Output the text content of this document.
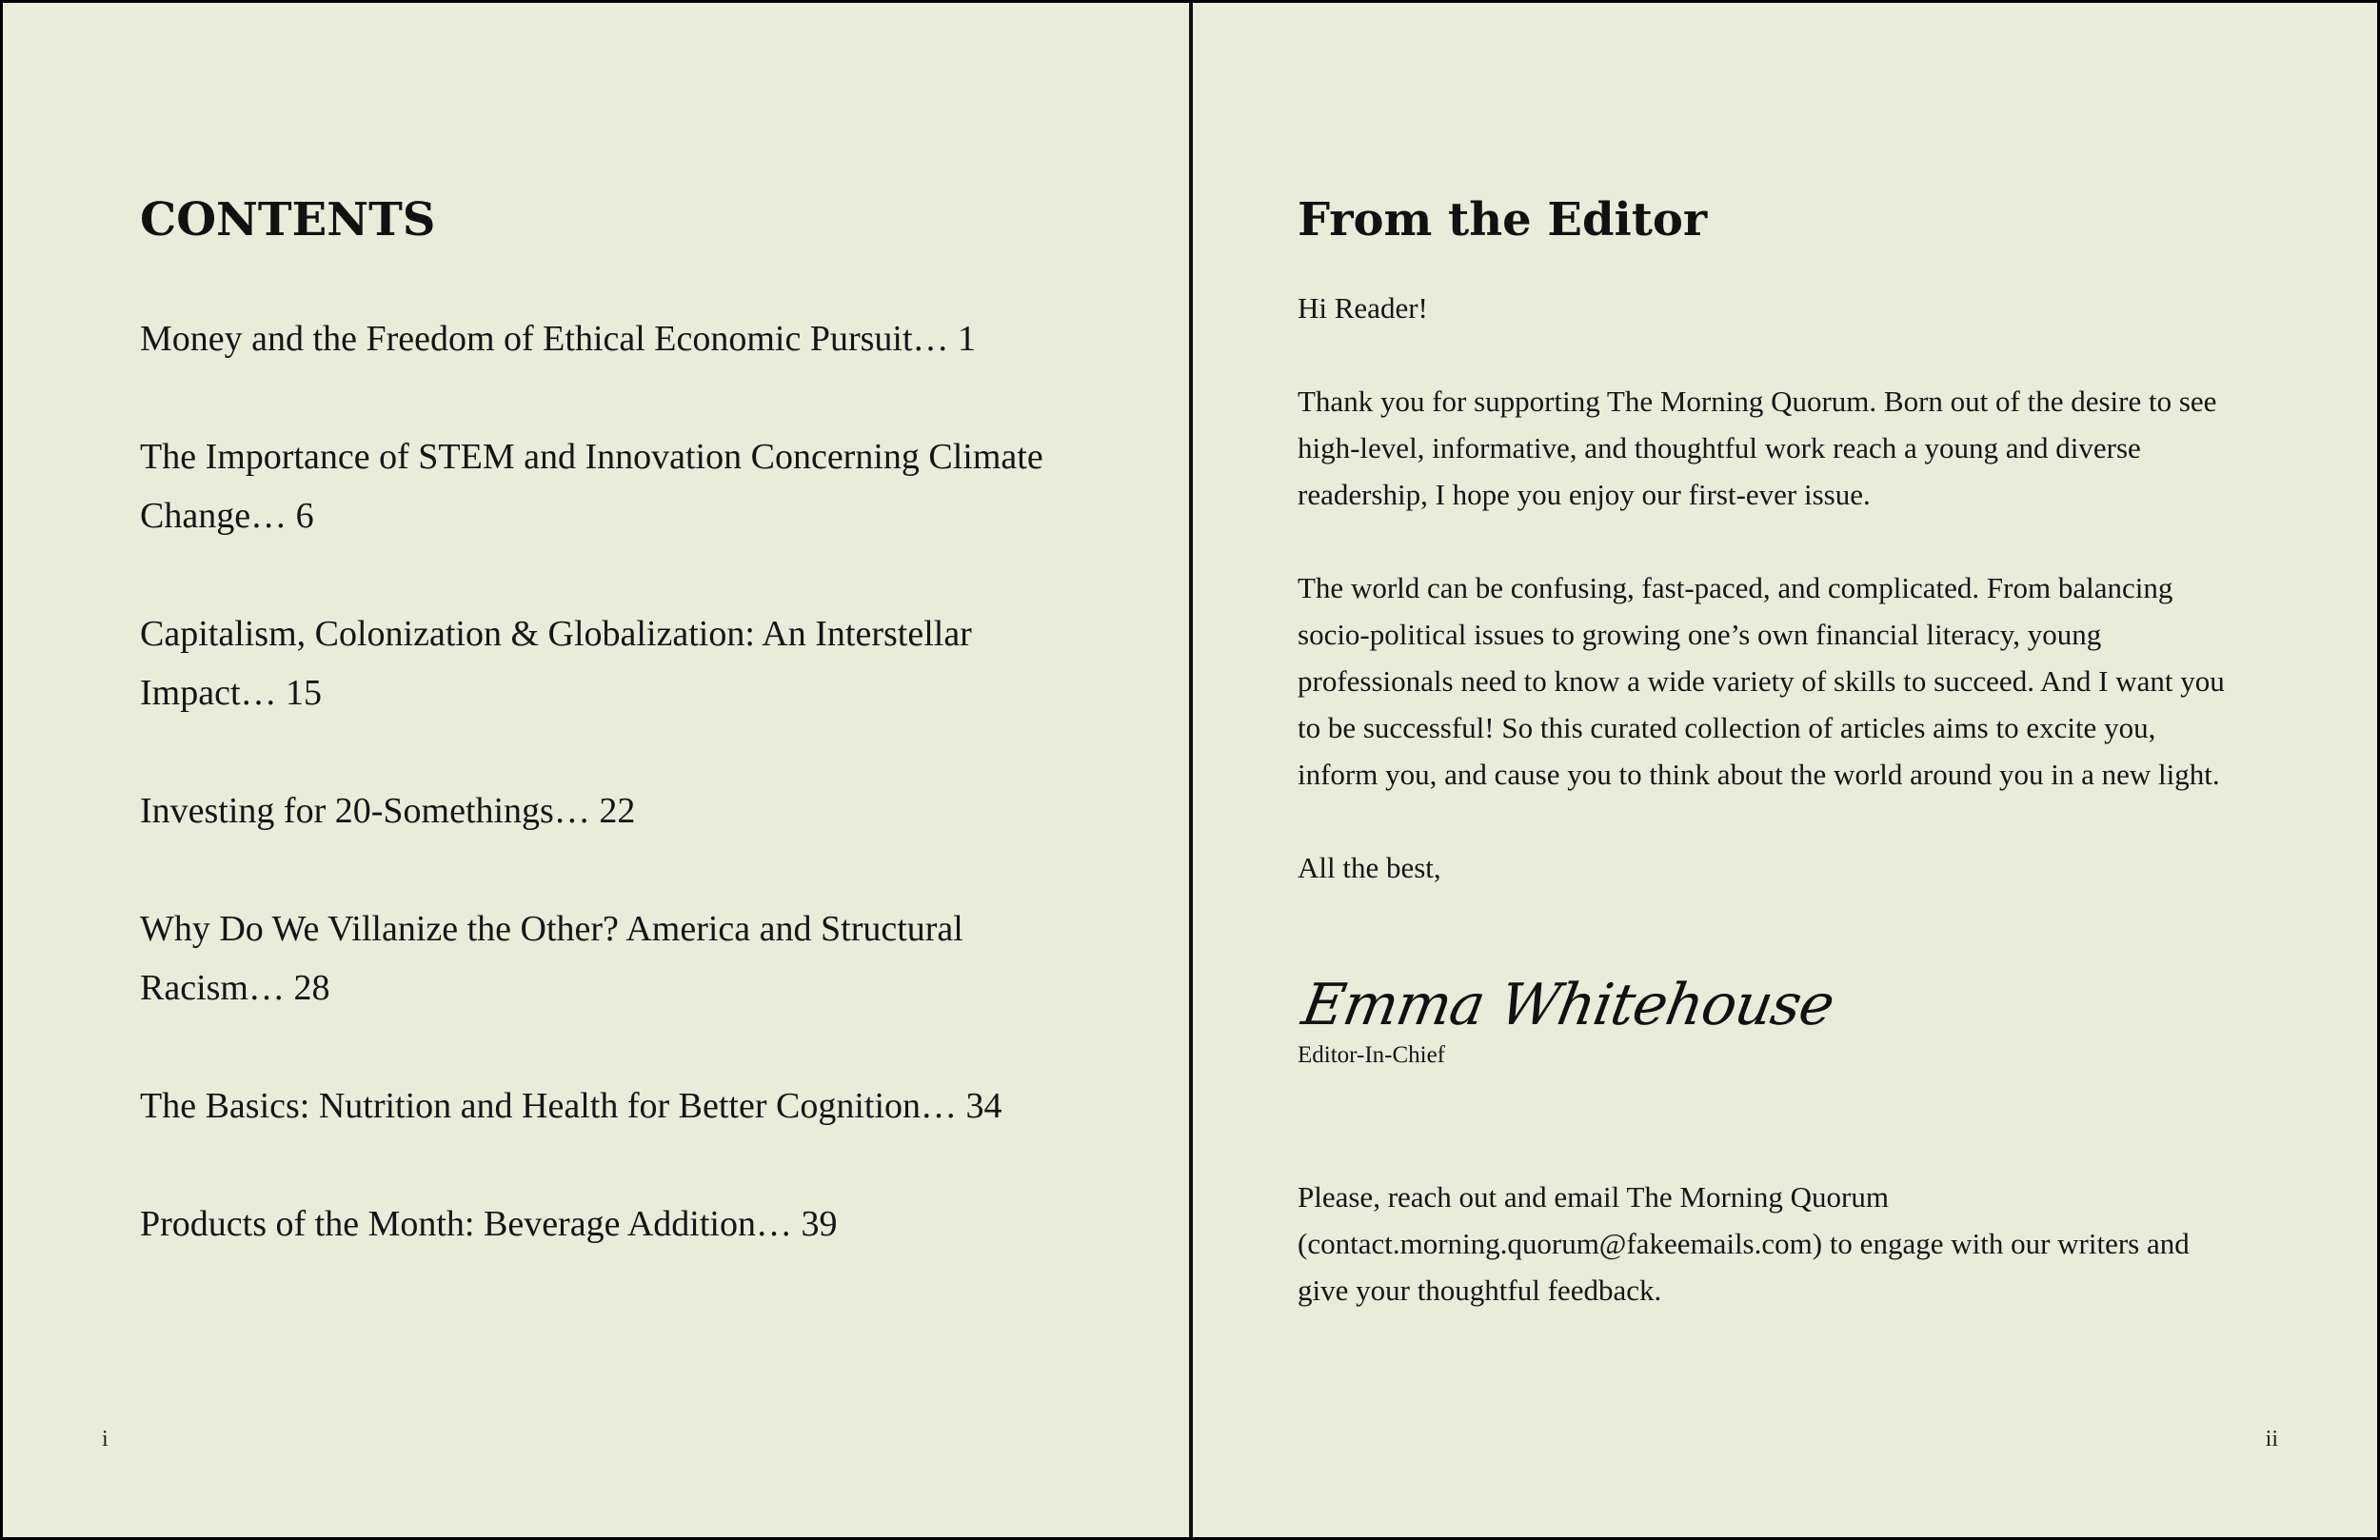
CONTENTS
Money and the Freedom of Ethical Economic Pursuit… 1
The Importance of STEM and Innovation Concerning Climate Change… 6
Capitalism, Colonization & Globalization: An Interstellar Impact… 15
Investing for 20-Somethings… 22
Why Do We Villanize the Other? America and Structural Racism… 28
The Basics: Nutrition and Health for Better Cognition… 34
Products of the Month: Beverage Addition… 39
i
From the Editor

Hi Reader!

Thank you for supporting The Morning Quorum. Born out of the desire to see high-level, informative, and thoughtful work reach a young and diverse readership, I hope you enjoy our first-ever issue.

The world can be confusing, fast-paced, and complicated. From balancing socio-political issues to growing one’s own financial literacy, young professionals need to know a wide variety of skills to succeed. And I want you to be successful! So this curated collection of articles aims to excite you, inform you, and cause you to think about the world around you in a new light.

All the best,

Emma Whitehouse
Editor-In-Chief

Please, reach out and email The Morning Quorum (contact.morning.quorum@fakeemails.com) to engage with our writers and give your thoughtful feedback.

ii
